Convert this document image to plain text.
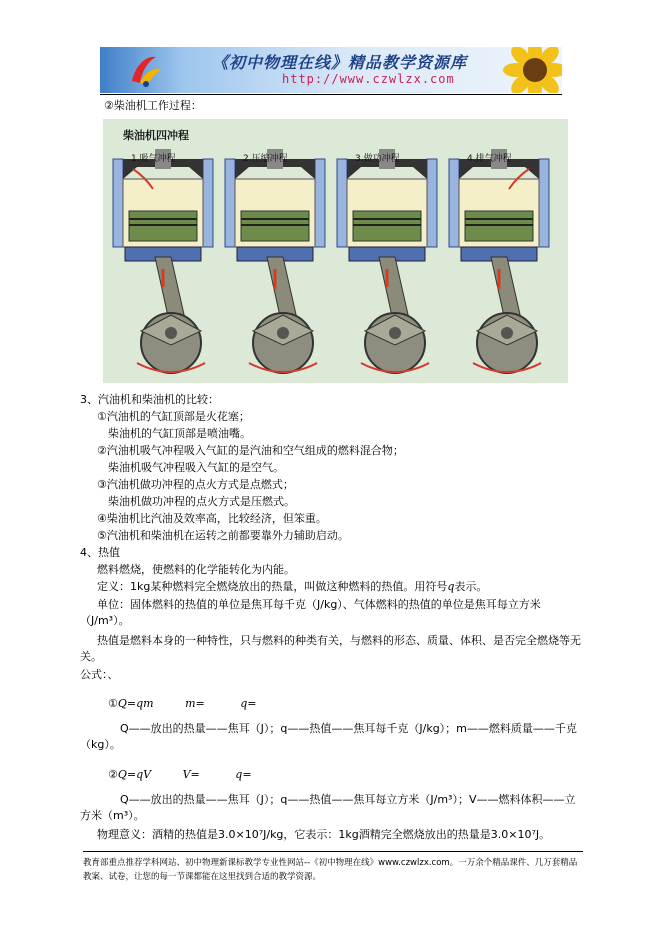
《初中物理在线》精品教学资源库
http://www.czwlzx.com
②柴油机工作过程：
柴油机四冲程
1.吸气冲程	2.压缩冲程	3.做功冲程	4.排气冲程
3、汽油机和柴油机的比较：
①汽油机的气缸顶部是火花塞；
柴油机的气缸顶部是喷油嘴。
②汽油机吸气冲程吸入气缸的是汽油和空气组成的燃料混合物；
柴油机吸气冲程吸入气缸的是空气。
③汽油机做功冲程的点火方式是点燃式；
柴油机做功冲程的点火方式是压燃式。
④柴油机比汽油及效率高，比较经济，但笨重。
⑤汽油机和柴油机在运转之前都要靠外力辅助启动。
4、热值
燃料燃烧，使燃料的化学能转化为内能。
定义：1kg某种燃料完全燃烧放出的热量，叫做这种燃料的热值。用符号q表示。
单位：固体燃料的热值的单位是焦耳每千克（J/kg）、气体燃料的热值的单位是焦耳每立方米（J/m³）。
热值是燃料本身的一种特性，只与燃料的种类有关，与燃料的形态、质量、体积、是否完全燃烧等无关。
公式：、
①Q=qm	m=	q=
Q——放出的热量——焦耳（J）；q——热值——焦耳每千克（J/kg）；m——燃料质量——千克（kg）。
②Q=qV	V=	q=
Q——放出的热量——焦耳（J）；q——热值——焦耳每立方米（J/m³）；V——燃料体积——立方米（m³）。
物理意义：酒精的热值是3.0×10⁷J/kg，它表示：1kg酒精完全燃烧放出的热量是3.0×10⁷J。
教育部重点推荐学科网站、初中物理新课标教学专业性网站--《初中物理在线》www.czwlzx.com。一万余个精品课件、几万套精品教案、试卷，让您的每一节课都能在这里找到合适的教学资源。
